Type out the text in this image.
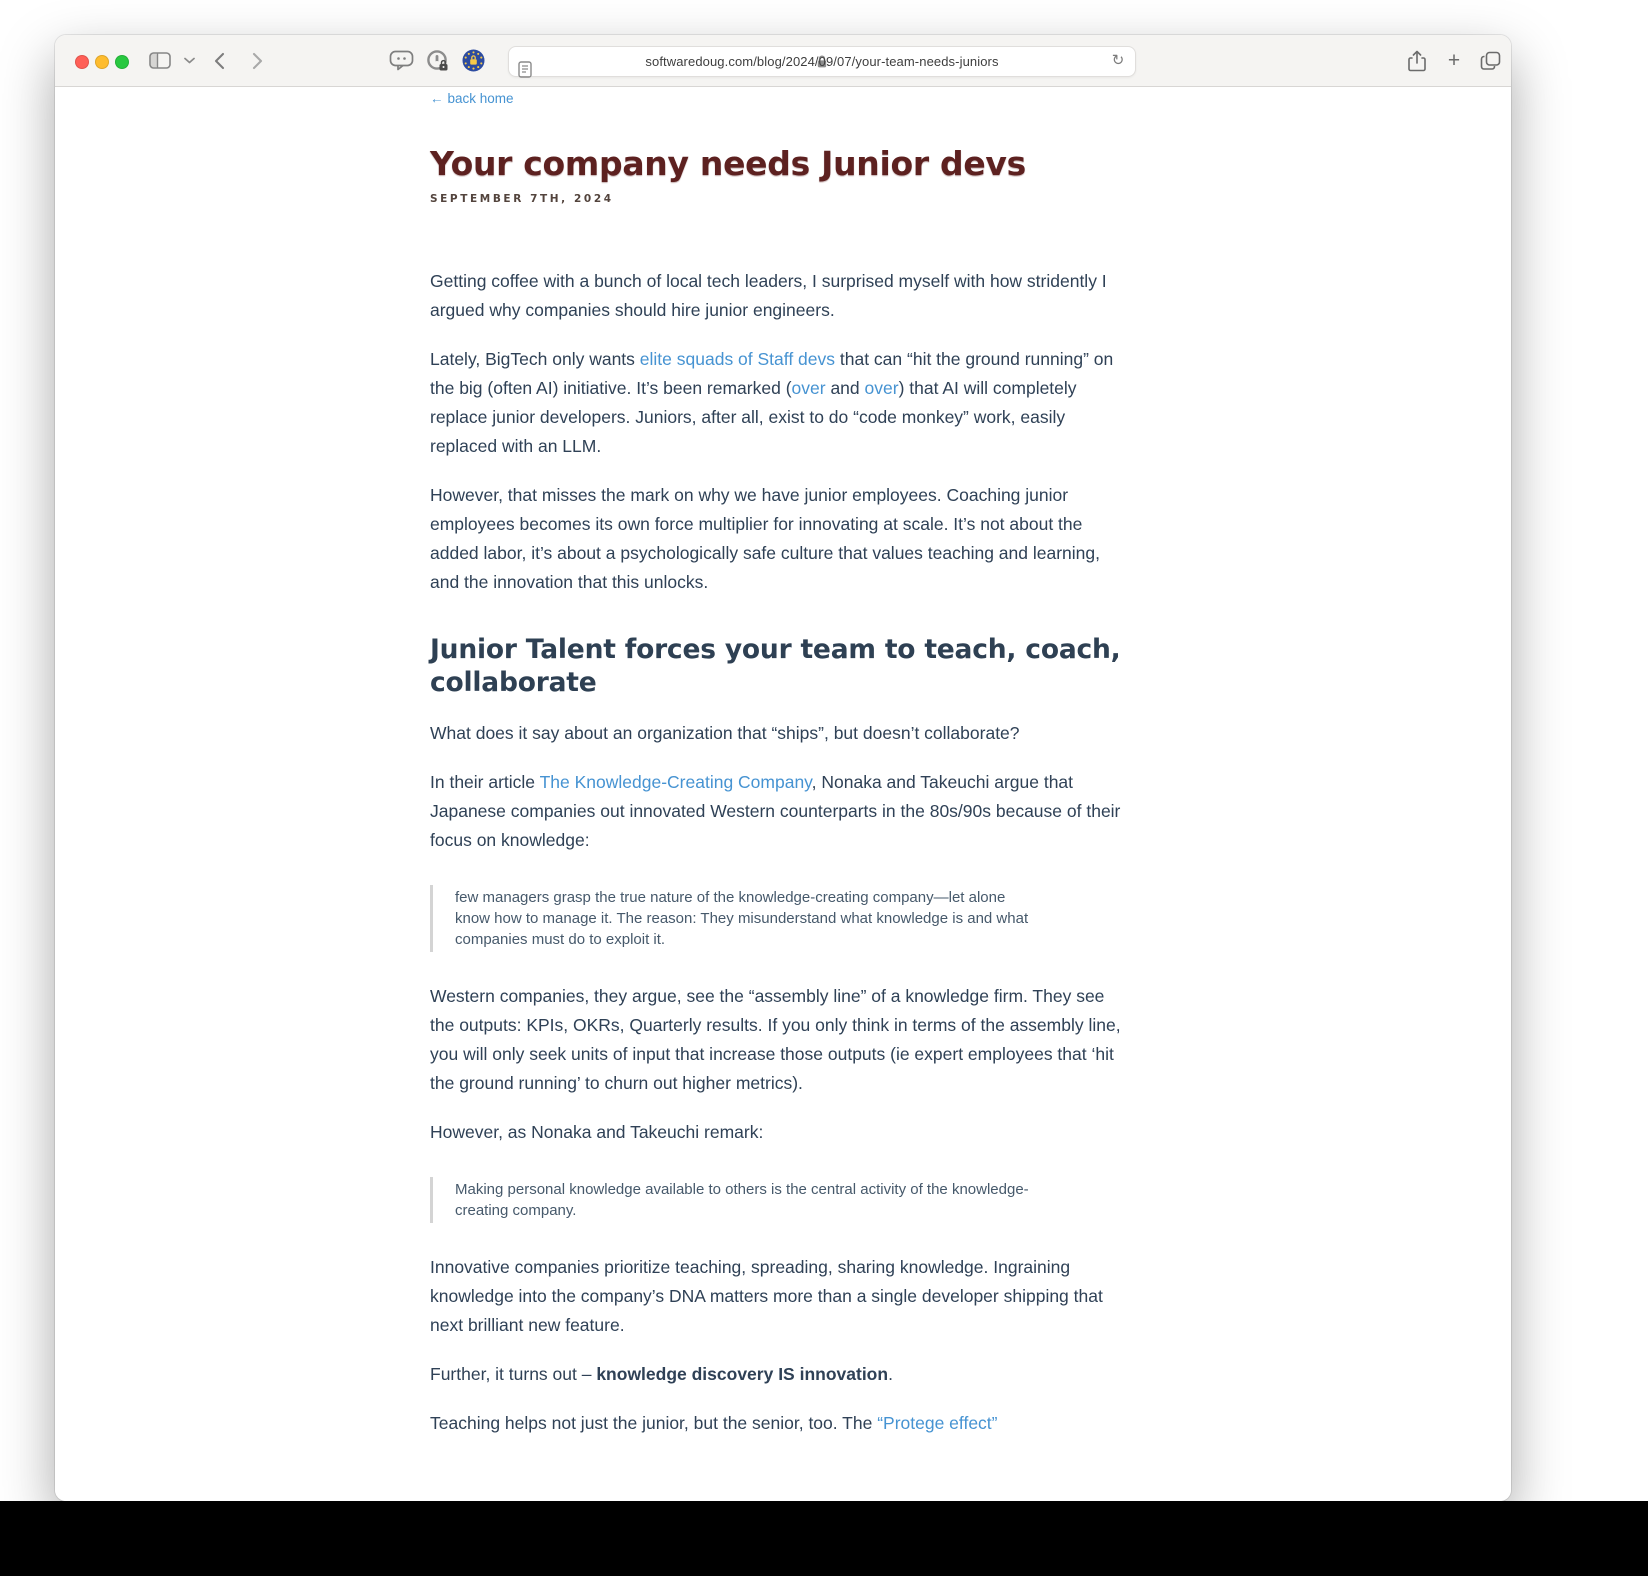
softwaredoug.com/blog/2024/09/07/your-team-needs-juniors	↻	+
← back home
Your company needs Junior devs
SEPTEMBER 7TH, 2024

Getting coffee with a bunch of local tech leaders, I surprised myself with how stridently I argued why companies should hire junior engineers.

Lately, BigTech only wants elite squads of Staff devs that can “hit the ground running” on the big (often AI) initiative. It’s been remarked (over and over) that AI will completely replace junior developers. Juniors, after all, exist to do “code monkey” work, easily replaced with an LLM.

However, that misses the mark on why we have junior employees. Coaching junior employees becomes its own force multiplier for innovating at scale. It’s not about the added labor, it’s about a psychologically safe culture that values teaching and learning, and the innovation that this unlocks.

Junior Talent forces your team to teach, coach, collaborate

What does it say about an organization that “ships”, but doesn’t collaborate?

In their article The Knowledge-Creating Company, Nonaka and Takeuchi argue that Japanese companies out innovated Western counterparts in the 80s/90s because of their focus on knowledge:

few managers grasp the true nature of the knowledge-creating company—let alone know how to manage it. The reason: They misunderstand what knowledge is and what companies must do to exploit it.

Western companies, they argue, see the “assembly line” of a knowledge firm. They see the outputs: KPIs, OKRs, Quarterly results. If you only think in terms of the assembly line, you will only seek units of input that increase those outputs (ie expert employees that ‘hit the ground running’ to churn out higher metrics).

However, as Nonaka and Takeuchi remark:

Making personal knowledge available to others is the central activity of the knowledge-creating company.

Innovative companies prioritize teaching, spreading, sharing knowledge. Ingraining knowledge into the company’s DNA matters more than a single developer shipping that next brilliant new feature.

Further, it turns out – knowledge discovery IS innovation.

Teaching helps not just the junior, but the senior, too. The “Protege effect”
